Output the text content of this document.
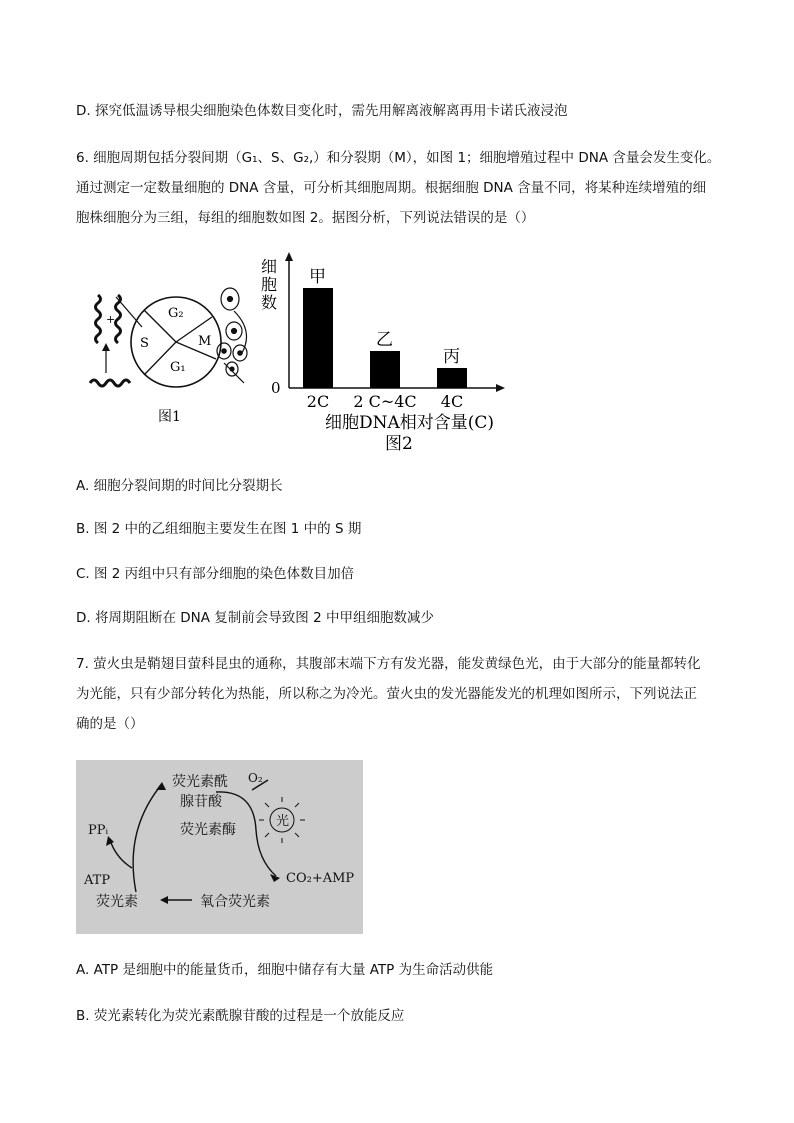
D. 探究低温诱导根尖细胞染色体数目变化时，需先用解离液解离再用卡诺氏液浸泡
6. 细胞周期包括分裂间期（G₁、S、G₂,）和分裂期（M），如图 1；细胞增殖过程中 DNA 含量会发生变化。
通过测定一定数量细胞的 DNA 含量，可分析其细胞周期。根据细胞 DNA 含量不同，将某种连续增殖的细
胞株细胞分为三组，每组的细胞数如图 2。据图分析，下列说法错误的是（）
+	G₂
S	M
G₁
图1
细
胞
数
0
甲
2C
乙
2 C~4C
丙
4C
细胞DNA相对含量(C)
图2
A. 细胞分裂间期的时间比分裂期长
B. 图 2 中的乙组细胞主要发生在图 1 中的 S 期
C. 图 2 丙组中只有部分细胞的染色体数目加倍
D. 将周期阻断在 DNA 复制前会导致图 2 中甲组细胞数减少
7. 萤火虫是鞘翅目萤科昆虫的通称，其腹部末端下方有发光器，能发黄绿色光，由于大部分的能量都转化
为光能，只有少部分转化为热能，所以称之为冷光。萤火虫的发光器能发光的机理如图所示，下列说法正
确的是（）
荧光素酰
腺苷酸
O₂
荧光素酶
PPᵢ
CO₂+AMP
ATP
荧光素	氧合荧光素
光
A. ATP 是细胞中的能量货币，细胞中储存有大量 ATP 为生命活动供能
B. 荧光素转化为荧光素酰腺苷酸的过程是一个放能反应
